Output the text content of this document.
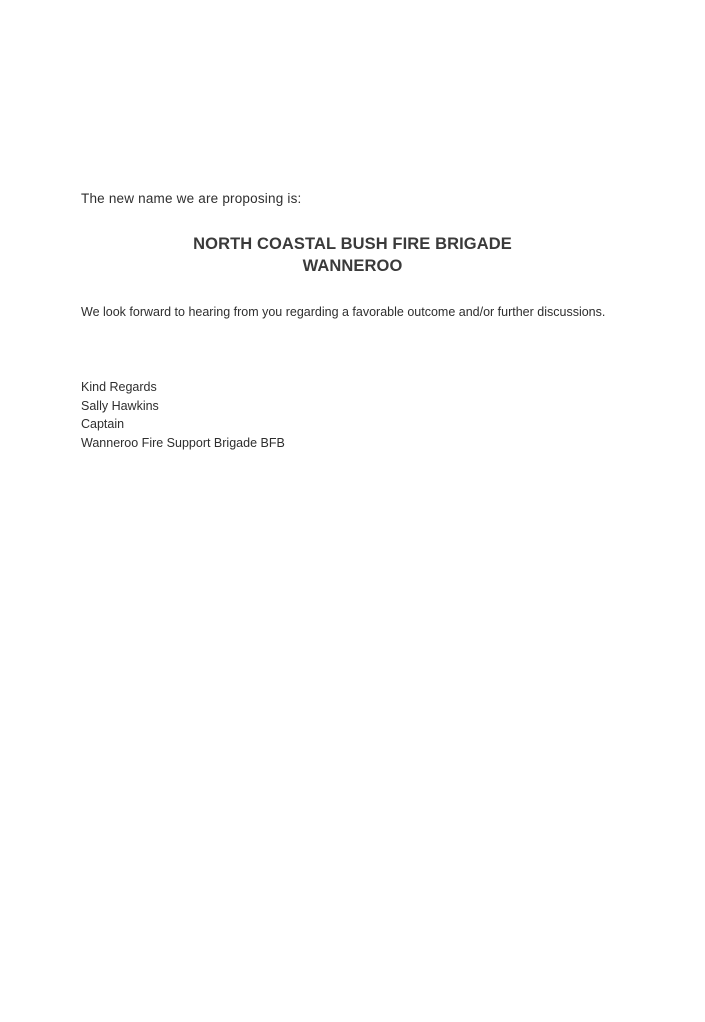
The new name we are proposing is:

NORTH COASTAL BUSH FIRE BRIGADE
WANNEROO

We look forward to hearing from you regarding a favorable outcome and/or further discussions.

Kind Regards
Sally Hawkins
Captain
Wanneroo Fire Support Brigade BFB
